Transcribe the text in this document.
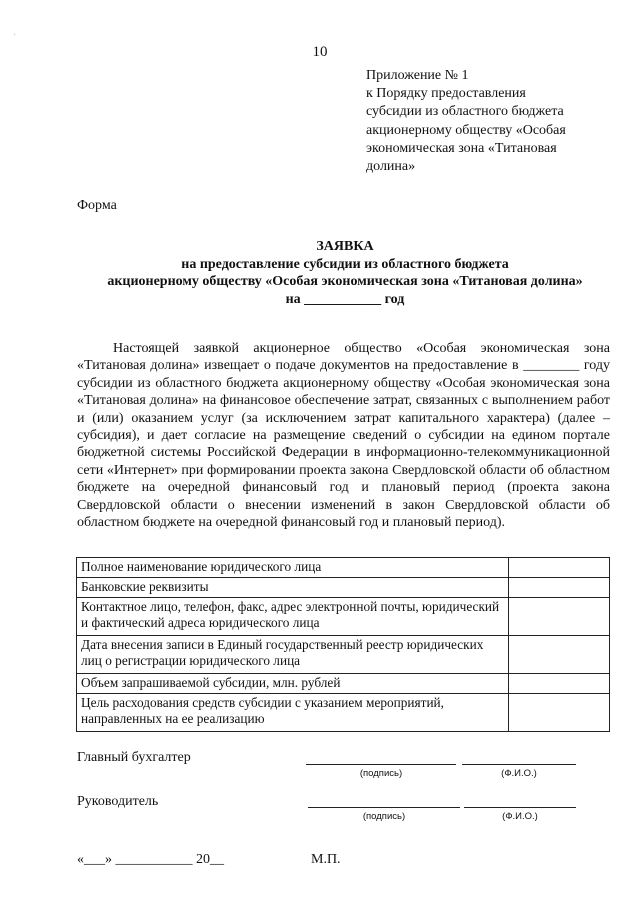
·
10
Приложение № 1
к Порядку предоставления
субсидии из областного бюджета
акционерному обществу «Особая
экономическая зона «Титановая
долина»
Форма
ЗАЯВКА
на предоставление субсидии из областного бюджета
акционерному обществу «Особая экономическая зона «Титановая долина»
на ___________ год

Настоящей заявкой акционерное общество «Особая экономическая зона «Титановая долина» извещает о подаче документов на предоставление в ________ году субсидии из областного бюджета акционерному обществу «Особая экономическая зона «Титановая долина» на финансовое обеспечение затрат, связанных с выполнением работ и (или) оказанием услуг (за исключением затрат капитального характера) (далее – субсидия), и дает согласие на размещение сведений о субсидии на едином портале бюджетной системы Российской Федерации в информационно-телекоммуникационной сети «Интернет» при формировании проекта закона Свердловской области об областном бюджете на очередной финансовый год и плановый период (проекта закона Свердловской области о внесении изменений в закон Свердловской области об областном бюджете на очередной финансовый год и плановый период).

Полное наименование юридического лица	
Банковские реквизиты	
Контактное лицо, телефон, факс, адрес электронной почты, юридический и фактический адреса юридического лица	
Дата внесения записи в Единый государственный реестр юридических лиц о регистрации юридического лица	
Объем запрашиваемой субсидии, млн. рублей	
Цель расходования средств субсидии с указанием мероприятий, направленных на ее реализацию	
Главный бухгалтер
(подпись)	(Ф.И.О.)
Руководитель
(подпись)	(Ф.И.О.)
«___» ___________ 20__	М.П.
